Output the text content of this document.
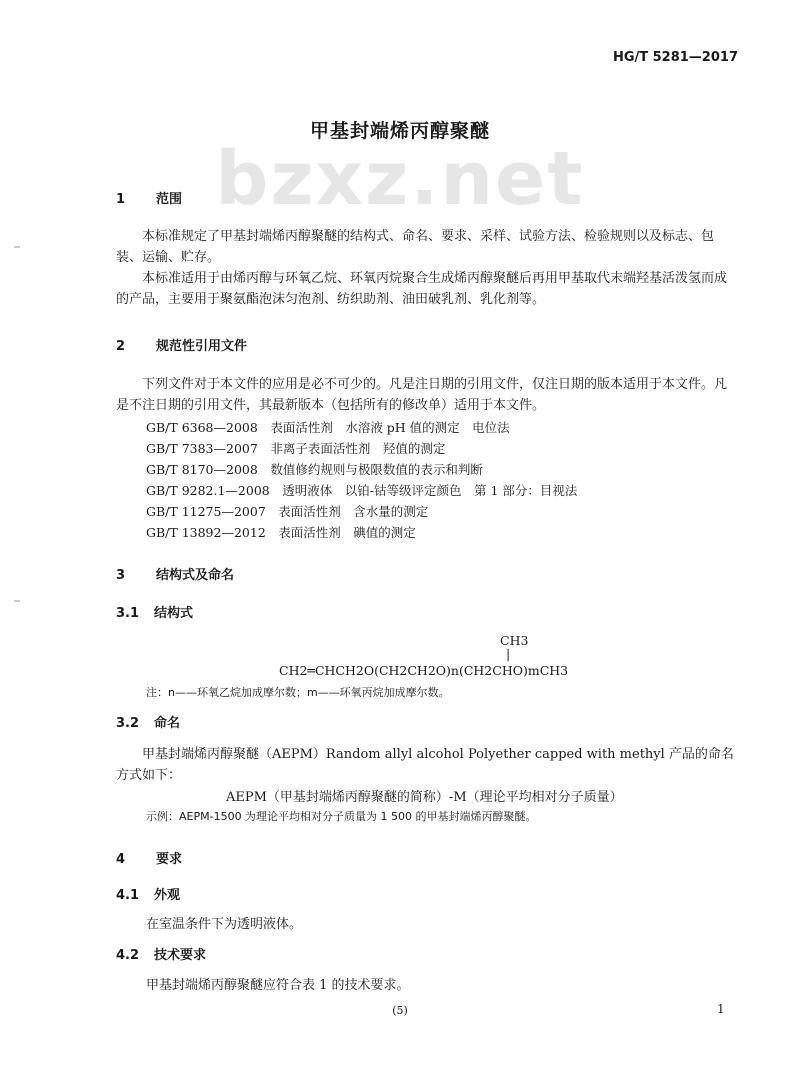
HG/T 5281—2017
bzxz.net
甲基封端烯丙醇聚醚
1 范围
本标准规定了甲基封端烯丙醇聚醚的结构式、命名、要求、采样、试验方法、检验规则以及标志、包装、运输、贮存。
本标准适用于由烯丙醇与环氧乙烷、环氧丙烷聚合生成烯丙醇聚醚后再用甲基取代末端羟基活泼氢而成的产品，主要用于聚氨酯泡沫匀泡剂、纺织助剂、油田破乳剂、乳化剂等。
2 规范性引用文件
下列文件对于本文件的应用是必不可少的。凡是注日期的引用文件，仅注日期的版本适用于本文件。凡是不注日期的引用文件，其最新版本（包括所有的修改单）适用于本文件。
GB/T 6368—2008　表面活性剂　水溶液 pH 值的测定　电位法
GB/T 7383—2007　非离子表面活性剂　羟值的测定
GB/T 8170—2008　数值修约规则与极限数值的表示和判断
GB/T 9282.1—2008　透明液体　以铂-钴等级评定颜色　第 1 部分：目视法
GB/T 11275—2007　表面活性剂　含水量的测定
GB/T 13892—2012　表面活性剂　碘值的测定
3 结构式及命名
3.1 结构式
CH3
|
CH2═CHCH2O(CH2CH2O)n(CH2CHO)mCH3
注：n——环氧乙烷加成摩尔数；m——环氧丙烷加成摩尔数。
3.2 命名
甲基封端烯丙醇聚醚（AEPM）Random allyl alcohol Polyether capped with methyl 产品的命名方式如下：
AEPM（甲基封端烯丙醇聚醚的简称）-M（理论平均相对分子质量）
示例：AEPM-1500 为理论平均相对分子质量为 1 500 的甲基封端烯丙醇聚醚。
4 要求
4.1 外观
在室温条件下为透明液体。
4.2 技术要求
甲基封端烯丙醇聚醚应符合表 1 的技术要求。
(5)	1
